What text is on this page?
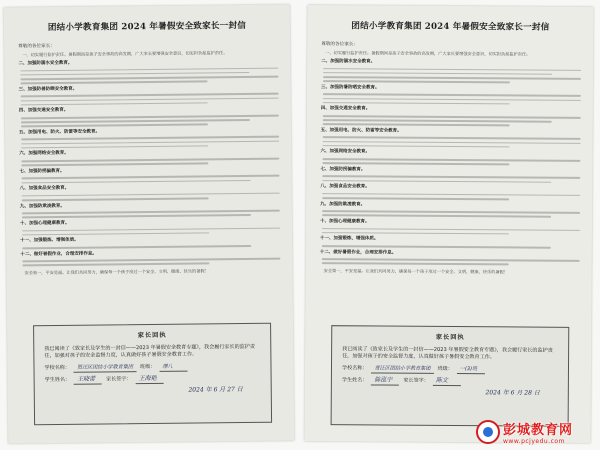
团结小学教育集团 2024 年暑假安全致家长一封信
尊敬的各位家长：
一、切实履行监护责任。暑假期间是孩子安全事故的高发期，广大家长要增强安全意识，切实担负起监护责任。
二、加强防溺水安全教育。
三、加强防暑防晒安全教育。
四、加强交通安全教育。
五、加强用电、防火、防雷等安全教育。
六、加强网络安全教育。
七、加强防拐骗教育。
八、加强食品安全教育。
九、加强防欺凌教育。
十、加强心理健康教育。
十一、加强锻炼、增强体质。
十二、做好暑假作业，合理安排作息。
安全第一，平安是福。让我们共同努力，确保每一个孩子度过一个安全、文明、健康、快乐的暑假！
家长回执
我已阅读了《致家长及学生的一封信——2023 年暑假安全教育专题》，我会履行家长的监护责任，加强对孩子的安全监督力度，认真做好孩子暑假安全教育工作。
学校名称：	贾汪区团结小学教育集团	班级：	理八
学生姓名：	王晓蕾	家长签字：	王海艳
2024 年 6 月 27 日
团结小学教育集团 2024 年暑假安全致家长一封信
尊敬的各位家长：
一、切实履行监护责任。暑假期间是孩子安全事故的高发期，广大家长要增强安全意识，切实担负起监护责任。
二、加强防溺水安全教育。
三、加强防暑防晒安全教育。
四、加强交通安全教育。
五、加强用电、防火、防雷等安全教育。
六、加强网络安全教育。
七、加强防拐骗教育。
八、加强食品安全教育。
九、加强防欺凌教育。
十、加强心理健康教育。
十一、加强锻炼、增强体质。
十二、做好暑假作业，合理安排作息。
安全第一，平安是福。让我们共同努力，确保每一个孩子度过一个安全、文明、健康、快乐的暑假！
家长回执
我已阅读了《致家长及学生的一封信——2023 年暑假安全教育专题》，我会履行家长的监护责任，加强对孩子的安全监督力度，认真做好孩子暑假安全教育工作。
学校名称：	贾汪区团结小学教育集团	班级：	一(3)班
学生姓名：	陈泓宇	家长签字：	陈文
2024 年 6 月 28 日
彭城教育网
www.pcjyedu.com
